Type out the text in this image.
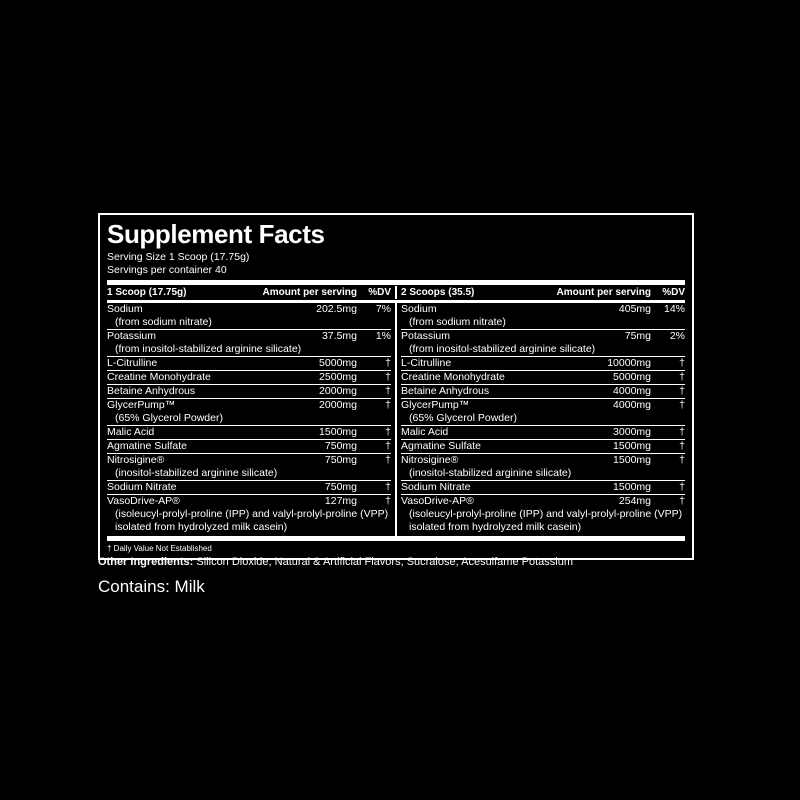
Supplement Facts
Serving Size 1 Scoop (17.75g)
Servings per container 40
1 Scoop (17.75g)	Amount per serving	%DV 2 Scoops (35.5)	Amount per serving	%DV
Sodium	202.5mg	7%
(from sodium nitrate)
Potassium	37.5mg	1%
(from inositol-stabilized arginine silicate)
L-Citrulline	5000mg	†
Creatine Monohydrate	2500mg	†
Betaine Anhydrous	2000mg	†
GlycerPump™	2000mg	†
(65% Glycerol Powder)
Malic Acid	1500mg	†
Agmatine Sulfate	750mg	†
Nitrosigine®	750mg	†
(inositol-stabilized arginine silicate)
Sodium Nitrate	750mg	†
VasoDrive-AP®	127mg	†
(isoleucyl-prolyl-proline (IPP) and valyl-prolyl-proline (VPP) isolated from hydrolyzed milk casein)
Sodium	405mg	14%
(from sodium nitrate)
Potassium	75mg	2%
(from inositol-stabilized arginine silicate)
L-Citrulline	10000mg	†
Creatine Monohydrate	5000mg	†
Betaine Anhydrous	4000mg	†
GlycerPump™	4000mg	†
(65% Glycerol Powder)
Malic Acid	3000mg	†
Agmatine Sulfate	1500mg	†
Nitrosigine®	1500mg	†
(inositol-stabilized arginine silicate)
Sodium Nitrate	1500mg	†
VasoDrive-AP®	254mg	†
(isoleucyl-prolyl-proline (IPP) and valyl-prolyl-proline (VPP) isolated from hydrolyzed milk casein)
† Daily Value Not Established

Other Ingredients: Silicon Dioxide, Natural & Artificial Flavors, Sucralose, Acesulfame Potassium

Contains: Milk
